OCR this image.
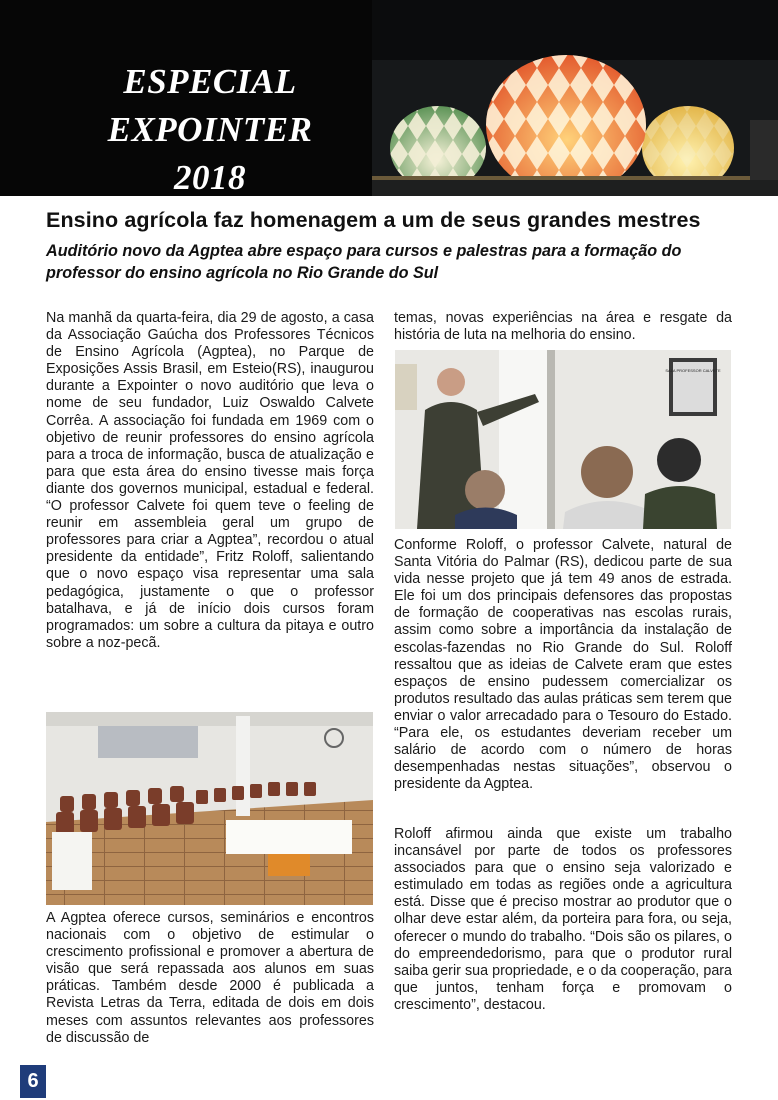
ESPECIAL EXPOINTER
2018
Ensino agrícola faz homenagem a um de seus grandes mestres
Auditório novo da Agptea abre espaço para cursos e palestras para a formação do professor do ensino agrícola no Rio Grande do Sul

Na manhã da quarta-feira, dia 29 de agosto, a casa da Associação Gaúcha dos Professores Técnicos de Ensino Agrícola (Agptea), no Parque de Exposições Assis Brasil, em Esteio(RS), inaugurou durante a Expointer o novo auditório que leva o nome de seu fundador, Luiz Oswaldo Calvete Corrêa. A associação foi fundada em 1969 com o objetivo de reunir professores do ensino agrícola para a troca de informação, busca de atualização e para que esta área do ensino tivesse mais força diante dos governos municipal, estadual e federal. “O professor Calvete foi quem teve o feeling de reunir em assembleia geral um grupo de professores para criar a Agptea”, recordou o atual presidente da entidade”, Fritz Roloff, salientando que o novo espaço visa representar uma sala pedagógica, justamente o que o professor batalhava, e já de início dois cursos foram programados: um sobre a cultura da pitaya e outro sobre a noz-pecã.

A Agptea oferece cursos, seminários e encontros nacionais com o objetivo de estimular o crescimento profissional e promover a abertura de visão que será repassada aos alunos em suas práticas. Também desde 2000 é publicada a Revista Letras da Terra, editada de dois em dois meses com assuntos relevantes aos professores de discussão de

temas, novas experiências na área e resgate da história de luta na melhoria do ensino.

SALA PROFESSOR CALVETE

Conforme Roloff, o professor Calvete, natural de Santa Vitória do Palmar (RS), dedicou parte de sua vida nesse projeto que já tem 49 anos de estrada. Ele foi um dos principais defensores das propostas de formação de cooperativas nas escolas rurais, assim como sobre a importância da instalação de escolas-fazendas no Rio Grande do Sul. Roloff ressaltou que as ideias de Calvete eram que estes espaços de ensino pudessem comercializar os produtos resultado das aulas práticas sem terem que enviar o valor arrecadado para o Tesouro do Estado. “Para ele, os estudantes deveriam receber um salário de acordo com o número de horas desempenhadas nestas situações”, observou o presidente da Agptea.

Roloff afirmou ainda que existe um trabalho incansável por parte de todos os professores associados para que o ensino seja valorizado e estimulado em todas as regiões onde a agricultura está. Disse que é preciso mostrar ao produtor que o olhar deve estar além, da porteira para fora, ou seja, oferecer o mundo do trabalho. “Dois são os pilares, o do empreendedorismo, para que o produtor rural saiba gerir sua propriedade, e o da cooperação, para que juntos, tenham força e promovam o crescimento”, destacou.

6
